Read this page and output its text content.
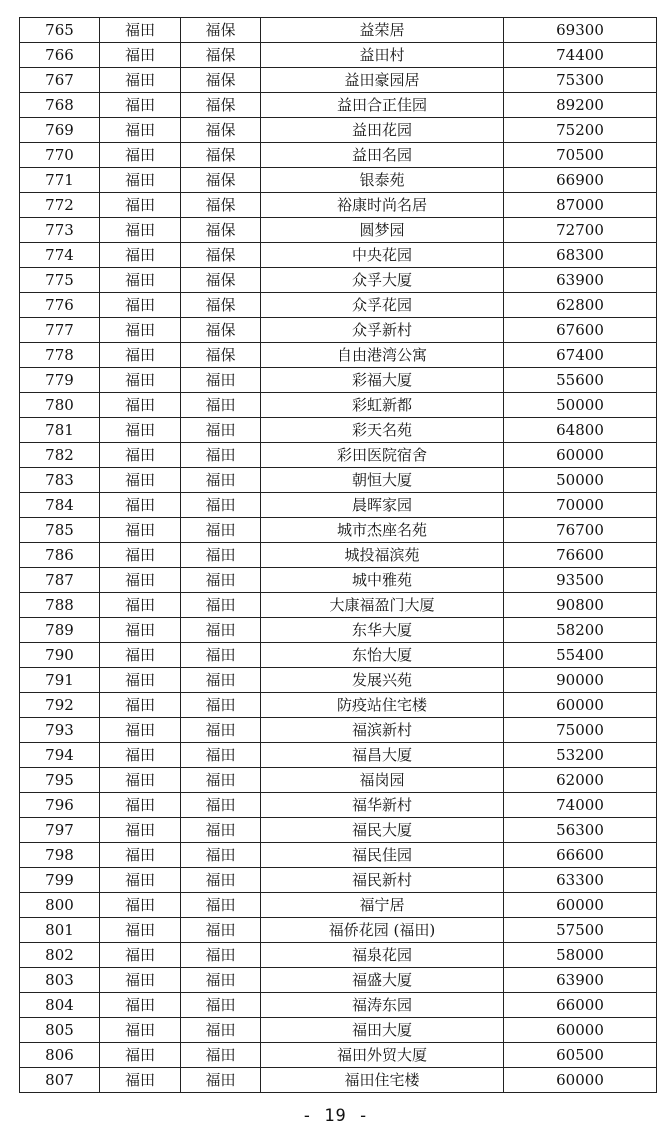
765	福田	福保	益荣居	69300
766	福田	福保	益田村	74400
767	福田	福保	益田豪园居	75300
768	福田	福保	益田合正佳园	89200
769	福田	福保	益田花园	75200
770	福田	福保	益田名园	70500
771	福田	福保	银泰苑	66900
772	福田	福保	裕康时尚名居	87000
773	福田	福保	圆梦园	72700
774	福田	福保	中央花园	68300
775	福田	福保	众孚大厦	63900
776	福田	福保	众孚花园	62800
777	福田	福保	众孚新村	67600
778	福田	福保	自由港湾公寓	67400
779	福田	福田	彩福大厦	55600
780	福田	福田	彩虹新都	50000
781	福田	福田	彩天名苑	64800
782	福田	福田	彩田医院宿舍	60000
783	福田	福田	朝恒大厦	50000
784	福田	福田	晨晖家园	70000
785	福田	福田	城市杰座名苑	76700
786	福田	福田	城投福滨苑	76600
787	福田	福田	城中雅苑	93500
788	福田	福田	大康福盈门大厦	90800
789	福田	福田	东华大厦	58200
790	福田	福田	东怡大厦	55400
791	福田	福田	发展兴苑	90000
792	福田	福田	防疫站住宅楼	60000
793	福田	福田	福滨新村	75000
794	福田	福田	福昌大厦	53200
795	福田	福田	福岗园	62000
796	福田	福田	福华新村	74000
797	福田	福田	福民大厦	56300
798	福田	福田	福民佳园	66600
799	福田	福田	福民新村	63300
800	福田	福田	福宁居	60000
801	福田	福田	福侨花园 (福田)	57500
802	福田	福田	福泉花园	58000
803	福田	福田	福盛大厦	63900
804	福田	福田	福涛东园	66000
805	福田	福田	福田大厦	60000
806	福田	福田	福田外贸大厦	60500
807	福田	福田	福田住宅楼	60000
- 19 -
